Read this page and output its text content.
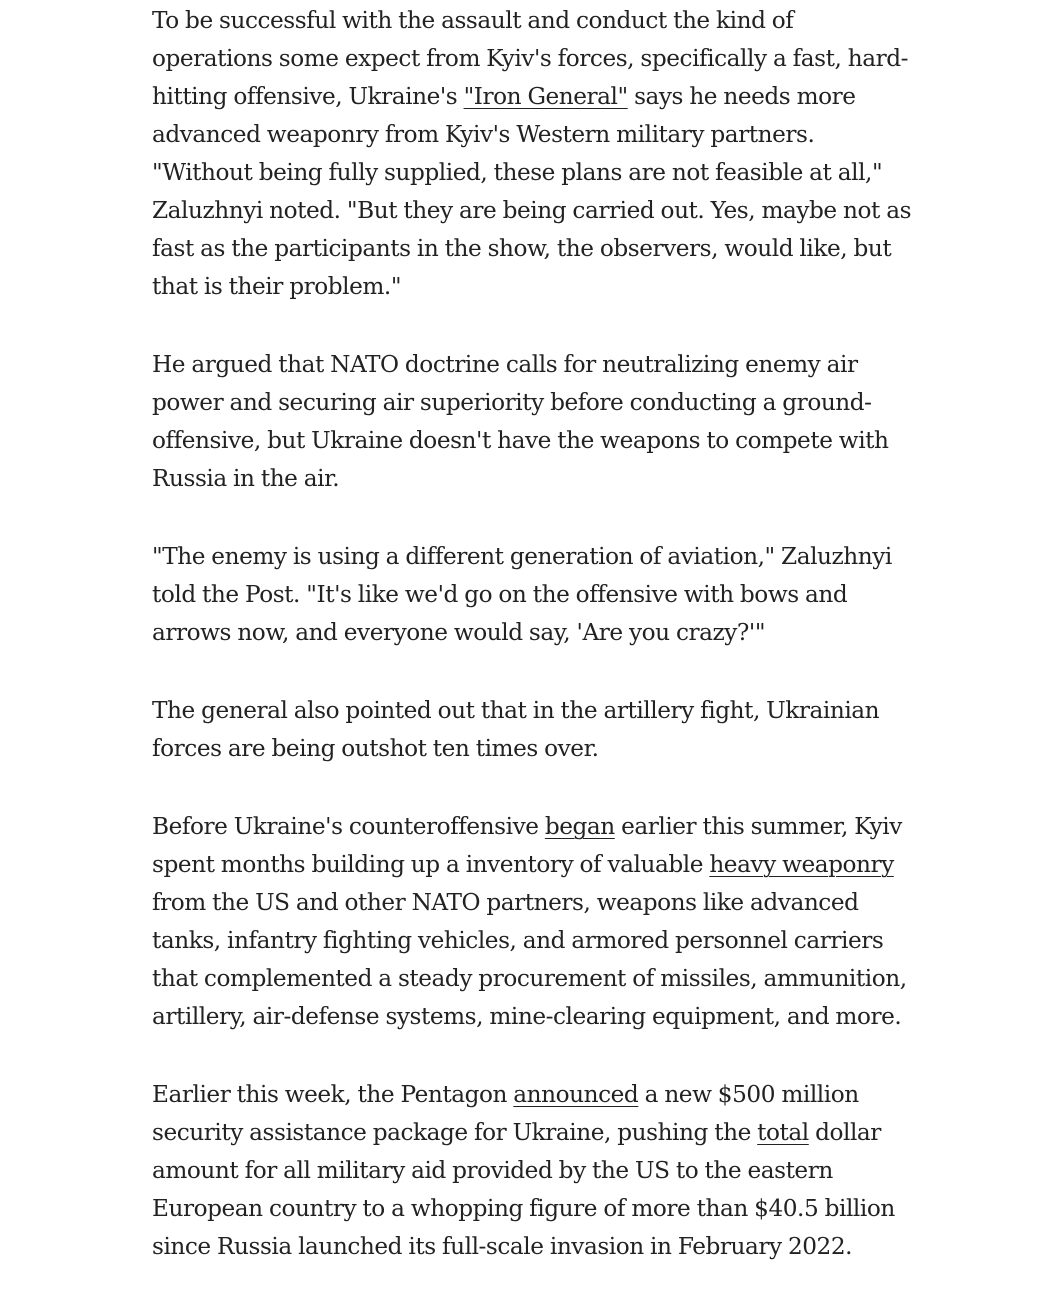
To be successful with the assault and conduct the kind of operations some expect from Kyiv's forces, specifically a fast, hard-hitting offensive, Ukraine's "Iron General" says he needs more advanced weaponry from Kyiv's Western military partners. "Without being fully supplied, these plans are not feasible at all," Zaluzhnyi noted. "But they are being carried out. Yes, maybe not as fast as the participants in the show, the observers, would like, but that is their problem."

He argued that NATO doctrine calls for neutralizing enemy air power and securing air superiority before conducting a ground-offensive, but Ukraine doesn't have the weapons to compete with Russia in the air.

"The enemy is using a different generation of aviation," Zaluzhnyi told the Post. "It's like we'd go on the offensive with bows and arrows now, and everyone would say, 'Are you crazy?'"

The general also pointed out that in the artillery fight, Ukrainian forces are being outshot ten times over.

Before Ukraine's counteroffensive began earlier this summer, Kyiv spent months building up a inventory of valuable heavy weaponry from the US and other NATO partners, weapons like advanced tanks, infantry fighting vehicles, and armored personnel carriers that complemented a steady procurement of missiles, ammunition, artillery, air-defense systems, mine-clearing equipment, and more.

Earlier this week, the Pentagon announced a new $500 million security assistance package for Ukraine, pushing the total dollar amount for all military aid provided by the US to the eastern European country to a whopping figure of more than $40.5 billion since Russia launched its full-scale invasion in February 2022.
